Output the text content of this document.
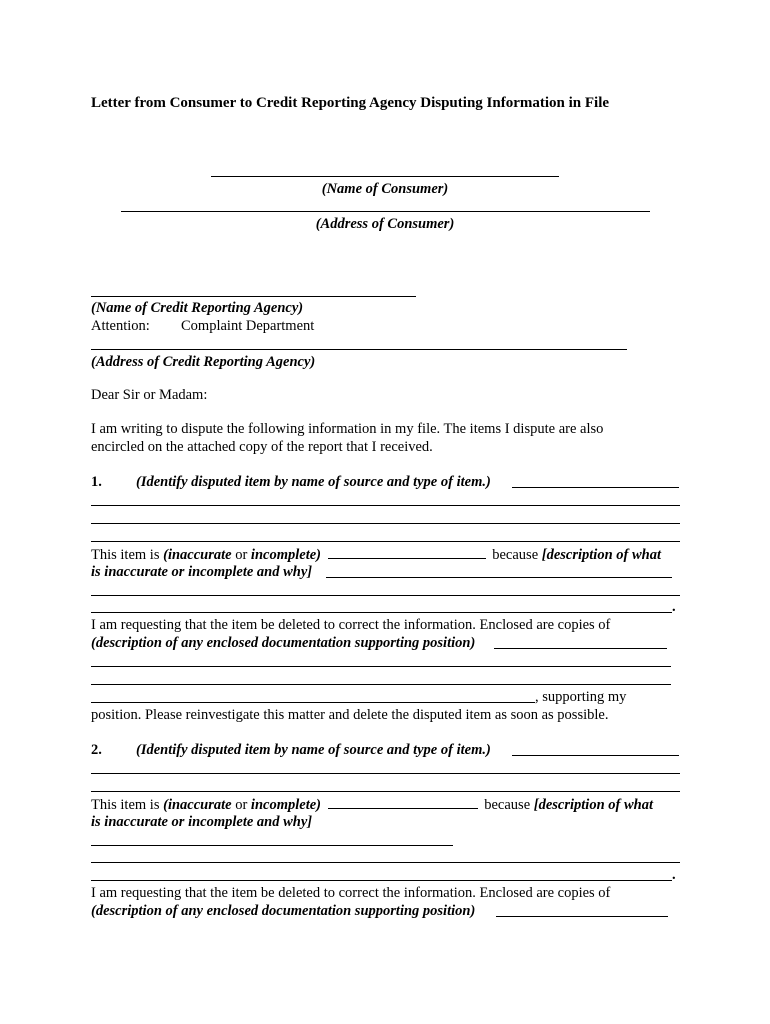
Letter from Consumer to Credit Reporting Agency Disputing Information in File
(Name of Consumer)
(Address of Consumer)
(Name of Credit Reporting Agency)
Attention: Complaint Department
(Address of Credit Reporting Agency)
Dear Sir or Madam:
I am writing to dispute the following information in my file. The items I dispute are also
encircled on the attached copy of the report that I received.
1. (Identify disputed item by name of source and type of item.)
This item is (inaccurate or incomplete)	because [description of what
is inaccurate or incomplete and why]
.
I am requesting that the item be deleted to correct the information. Enclosed are copies of
(description of any enclosed documentation supporting position)
, supporting my
position. Please reinvestigate this matter and delete the disputed item as soon as possible.
2. (Identify disputed item by name of source and type of item.)
This item is (inaccurate or incomplete)	because [description of what
is inaccurate or incomplete and why]
.
I am requesting that the item be deleted to correct the information. Enclosed are copies of
(description of any enclosed documentation supporting position)
